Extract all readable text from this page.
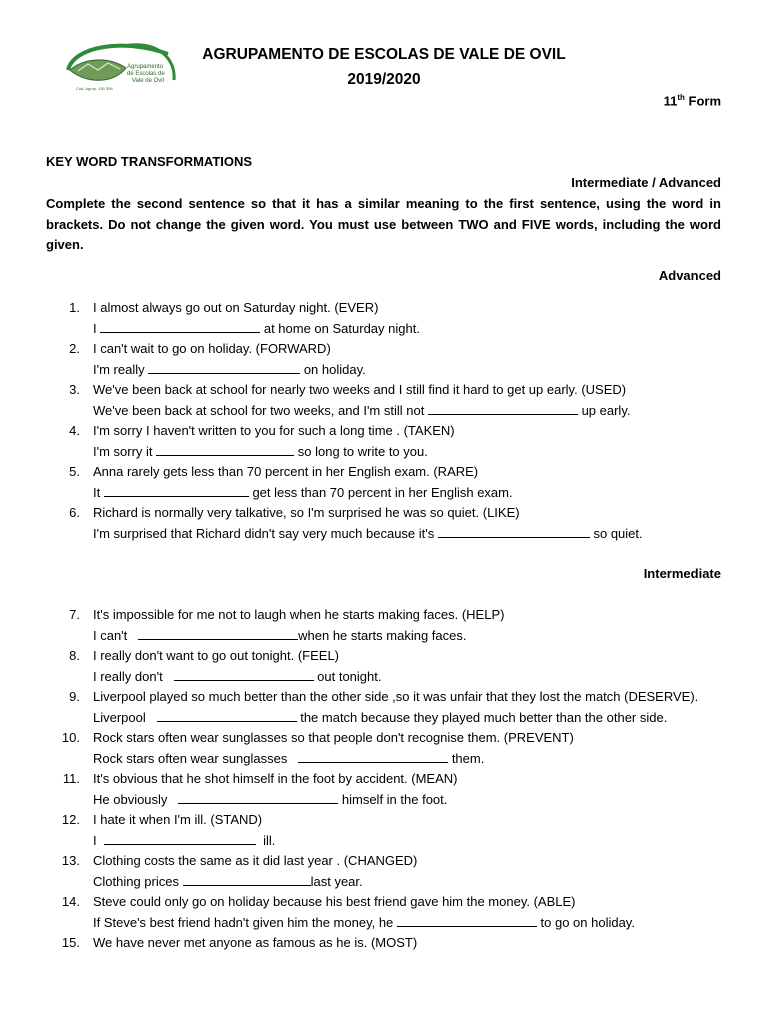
Agrupamento
de Escolas de
Vale de Ovil
Cód. Agrup. 150 356
AGRUPAMENTO DE ESCOLAS DE VALE DE OVIL
2019/2020
11th Form
KEY WORD TRANSFORMATIONS
Intermediate / Advanced
Complete the second sentence so that it has a similar meaning to the first sentence, using the word in brackets. Do not change the given word. You must use between TWO and FIVE words, including the word given.
Advanced
1. I almost always go out on Saturday night. (EVER)
I	at home on Saturday night.
2. I can't wait to go on holiday. (FORWARD)
I'm really	on holiday.
3. We've been back at school for nearly two weeks and I still find it hard to get up early. (USED)
We've been back at school for two weeks, and I'm still not	up early.
4. I'm sorry I haven't written to you for such a long time . (TAKEN)
I'm sorry it	so long to write to you.
5. Anna rarely gets less than 70 percent in her English exam. (RARE)
It	get less than 70 percent in her English exam.
6. Richard is normally very talkative, so I'm surprised he was so quiet. (LIKE)
I'm surprised that Richard didn't say very much because it's	so quiet.
Intermediate
7. It's impossible for me not to laugh when he starts making faces. (HELP)
I can't	when he starts making faces.
8. I really don't want to go out tonight. (FEEL)
I really don't	out tonight.
9. Liverpool played so much better than the other side ,so it was unfair that they lost the match (DESERVE).
Liverpool	the match because they played much better than the other side.
10. Rock stars often wear sunglasses so that people don't recognise them. (PREVENT)
Rock stars often wear sunglasses	them.
11. It's obvious that he shot himself in the foot by accident. (MEAN)
He obviously	himself in the foot.
12. I hate it when I'm ill. (STAND)
I	ill.
13. Clothing costs the same as it did last year . (CHANGED)
Clothing prices	last year.
14. Steve could only go on holiday because his best friend gave him the money. (ABLE)
If Steve's best friend hadn't given him the money, he	to go on holiday.
15. We have never met anyone as famous as he is. (MOST)
